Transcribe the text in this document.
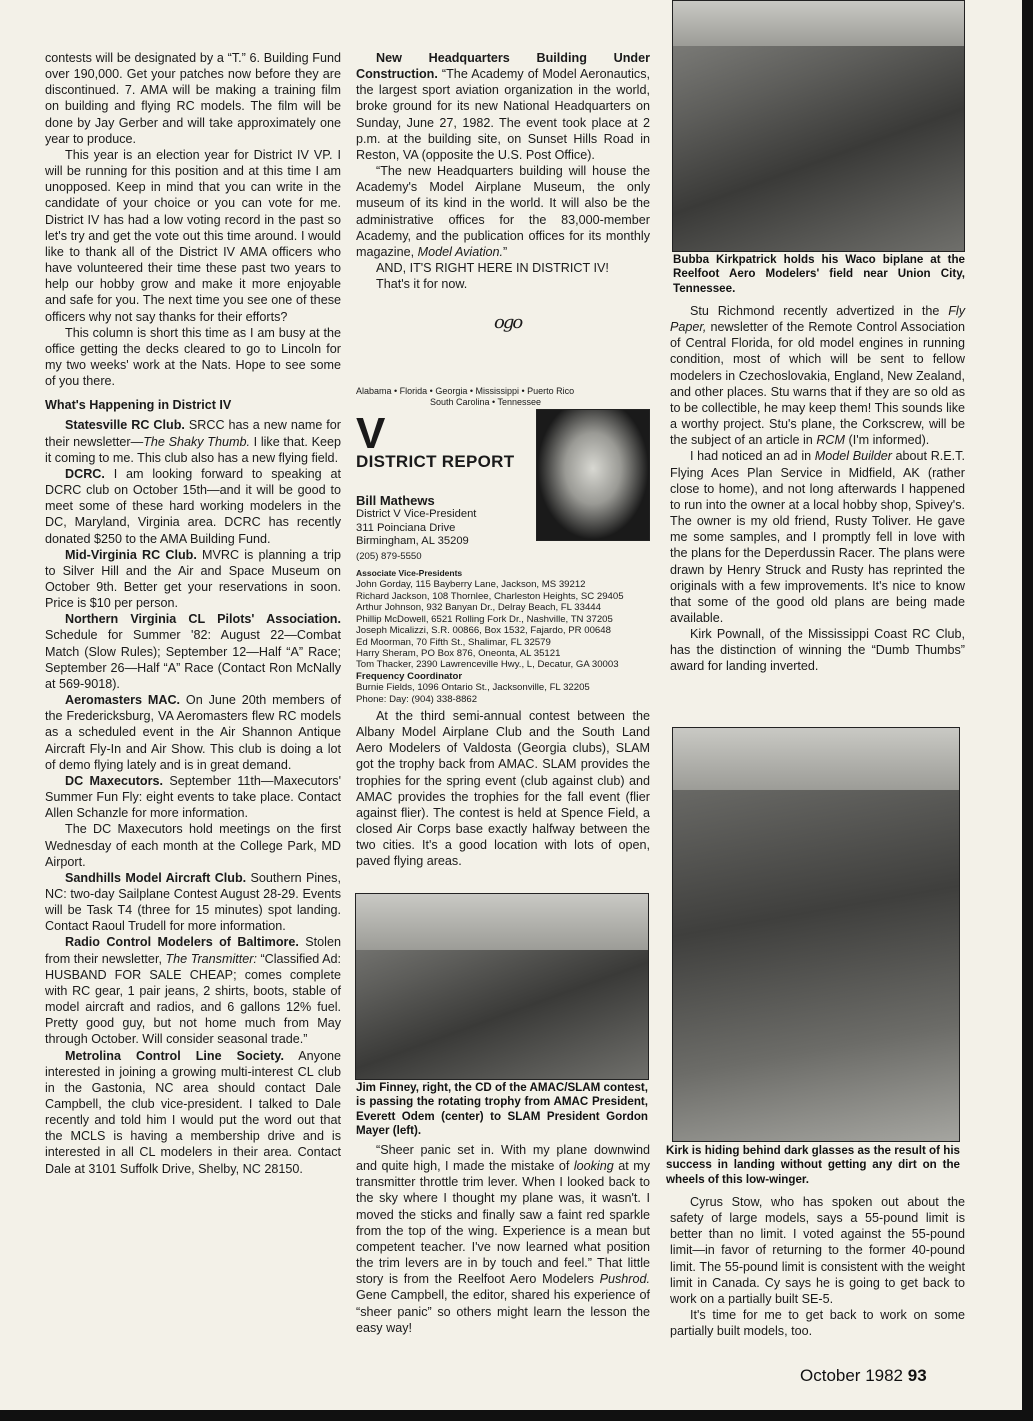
contests will be designated by a “T.” 6. Building Fund over 190,000. Get your patches now before they are discontinued. 7. AMA will be making a training film on building and flying RC models. The film will be done by Jay Gerber and will take approximately one year to produce.

This year is an election year for District IV VP. I will be running for this position and at this time I am unopposed. Keep in mind that you can write in the candidate of your choice or you can vote for me. District IV has had a low voting record in the past so let's try and get the vote out this time around. I would like to thank all of the District IV AMA officers who have volunteered their time these past two years to help our hobby grow and make it more enjoyable and safe for you. The next time you see one of these officers why not say thanks for their efforts?

This column is short this time as I am busy at the office getting the decks cleared to go to Lincoln for my two weeks' work at the Nats. Hope to see some of you there.

What's Happening in District IV

Statesville RC Club. SRCC has a new name for their newsletter—The Shaky Thumb. I like that. Keep it coming to me. This club also has a new flying field.

DCRC. I am looking forward to speaking at DCRC club on October 15th—and it will be good to meet some of these hard working modelers in the DC, Maryland, Virginia area. DCRC has recently donated $250 to the AMA Building Fund.

Mid-Virginia RC Club. MVRC is planning a trip to Silver Hill and the Air and Space Museum on October 9th. Better get your reservations in soon. Price is $10 per person.

Northern Virginia CL Pilots' Association. Schedule for Summer '82: August 22—Combat Match (Slow Rules); September 12—Half “A” Race; September 26—Half “A” Race (Contact Ron McNally at 569-9018).

Aeromasters MAC. On June 20th members of the Fredericksburg, VA Aeromasters flew RC models as a scheduled event in the Air Shannon Antique Aircraft Fly-In and Air Show. This club is doing a lot of demo flying lately and is in great demand.

DC Maxecutors. September 11th—Maxecutors' Summer Fun Fly: eight events to take place. Contact Allen Schanzle for more information.

The DC Maxecutors hold meetings on the first Wednesday of each month at the College Park, MD Airport.

Sandhills Model Aircraft Club. Southern Pines, NC: two-day Sailplane Contest August 28-29. Events will be Task T4 (three for 15 minutes) spot landing. Contact Raoul Trudell for more information.

Radio Control Modelers of Baltimore. Stolen from their newsletter, The Transmitter: “Classified Ad: HUSBAND FOR SALE CHEAP; comes complete with RC gear, 1 pair jeans, 2 shirts, boots, stable of model aircraft and radios, and 6 gallons 12% fuel. Pretty good guy, but not home much from May through October. Will consider seasonal trade.”

Metrolina Control Line Society. Anyone interested in joining a growing multi-interest CL club in the Gastonia, NC area should contact Dale Campbell, the club vice-president. I talked to Dale recently and told him I would put the word out that the MCLS is having a membership drive and is interested in all CL modelers in their area. Contact Dale at 3101 Suffolk Drive, Shelby, NC 28150.

New Headquarters Building Under Construction. “The Academy of Model Aeronautics, the largest sport aviation organization in the world, broke ground for its new National Headquarters on Sunday, June 27, 1982. The event took place at 2 p.m. at the building site, on Sunset Hills Road in Reston, VA (opposite the U.S. Post Office).

“The new Headquarters building will house the Academy's Model Airplane Museum, the only museum of its kind in the world. It will also be the administrative offices for the 83,000-member Academy, and the publication offices for its monthly magazine, Model Aviation.”

AND, IT'S RIGHT HERE IN DISTRICT IV!

That's it for now.

ogo
Alabama • Florida • Georgia • Mississippi • Puerto Rico
South Carolina • Tennessee
V
DISTRICT REPORT
Bill Mathews
District V Vice-President
311 Poinciana Drive
Birmingham, AL 35209
(205) 879-5550
Associate Vice-Presidents
John Gorday, 115 Bayberry Lane, Jackson, MS 39212
Richard Jackson, 108 Thornlee, Charleston Heights, SC 29405
Arthur Johnson, 932 Banyan Dr., Delray Beach, FL 33444
Phillip McDowell, 6521 Rolling Fork Dr., Nashville, TN 37205
Joseph Micalizzi, S.R. 00866, Box 1532, Fajardo, PR 00648
Ed Moorman, 70 Fifth St., Shalimar, FL 32579
Harry Sheram, PO Box 876, Oneonta, AL 35121
Tom Thacker, 2390 Lawrenceville Hwy., L, Decatur, GA 30003
Frequency Coordinator
Burnie Fields, 1096 Ontario St., Jacksonville, FL 32205
Phone: Day: (904) 338-8862

At the third semi-annual contest between the Albany Model Airplane Club and the South Land Aero Modelers of Valdosta (Georgia clubs), SLAM got the trophy back from AMAC. SLAM provides the trophies for the spring event (club against club) and AMAC provides the trophies for the fall event (flier against flier). The contest is held at Spence Field, a closed Air Corps base exactly halfway between the two cities. It's a good location with lots of open, paved flying areas.

Jim Finney, right, the CD of the AMAC/SLAM contest, is passing the rotating trophy from AMAC President, Everett Odem (center) to SLAM President Gordon Mayer (left).

“Sheer panic set in. With my plane downwind and quite high, I made the mistake of looking at my transmitter throttle trim lever. When I looked back to the sky where I thought my plane was, it wasn't. I moved the sticks and finally saw a faint red sparkle from the top of the wing. Experience is a mean but competent teacher. I've now learned what position the trim levers are in by touch and feel.” That little story is from the Reelfoot Aero Modelers Pushrod. Gene Campbell, the editor, shared his experience of “sheer panic” so others might learn the lesson the easy way!

Bubba Kirkpatrick holds his Waco biplane at the Reelfoot Aero Modelers' field near Union City, Tennessee.

Stu Richmond recently advertized in the Fly Paper, newsletter of the Remote Control Association of Central Florida, for old model engines in running condition, most of which will be sent to fellow modelers in Czechoslovakia, England, New Zealand, and other places. Stu warns that if they are so old as to be collectible, he may keep them! This sounds like a worthy project. Stu's plane, the Corkscrew, will be the subject of an article in RCM (I'm informed).

I had noticed an ad in Model Builder about R.E.T. Flying Aces Plan Service in Midfield, AK (rather close to home), and not long afterwards I happened to run into the owner at a local hobby shop, Spivey's. The owner is my old friend, Rusty Toliver. He gave me some samples, and I promptly fell in love with the plans for the Deperdussin Racer. The plans were drawn by Henry Struck and Rusty has reprinted the originals with a few improvements. It's nice to know that some of the good old plans are being made available.

Kirk Pownall, of the Mississippi Coast RC Club, has the distinction of winning the “Dumb Thumbs” award for landing inverted.

Kirk is hiding behind dark glasses as the result of his success in landing without getting any dirt on the wheels of this low-winger.

Cyrus Stow, who has spoken out about the safety of large models, says a 55-pound limit is better than no limit. I voted against the 55-pound limit—in favor of returning to the former 40-pound limit. The 55-pound limit is consistent with the weight limit in Canada. Cy says he is going to get back to work on a partially built SE-5.

It's time for me to get back to work on some partially built models, too.

October 1982 93
